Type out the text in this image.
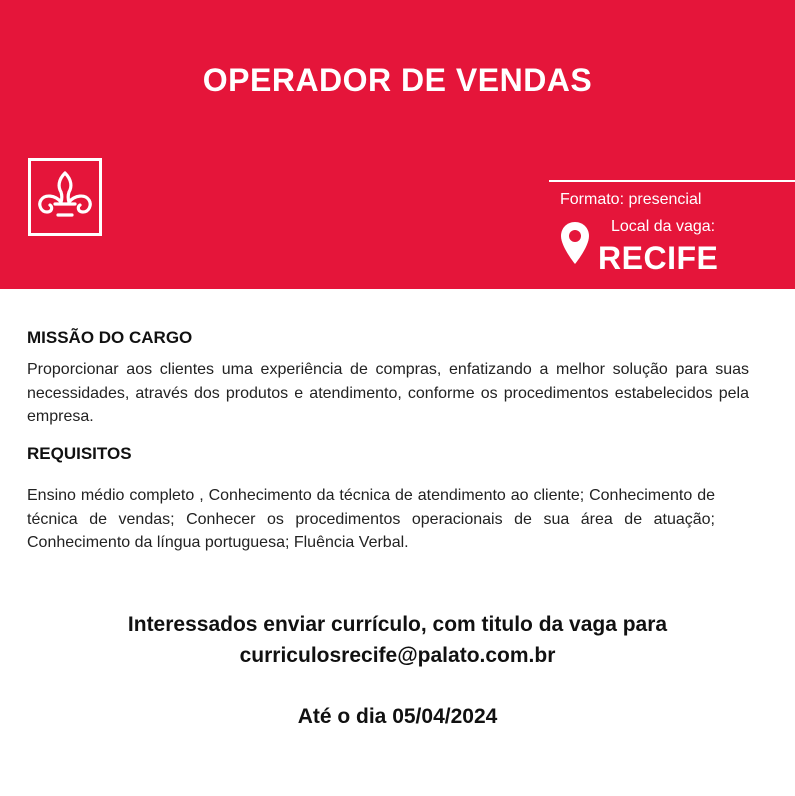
OPERADOR DE VENDAS
Formato: presencial
Local da vaga:
RECIFE
MISSÃO DO CARGO
Proporcionar aos clientes uma experiência de compras, enfatizando a melhor solução para suas necessidades, através dos produtos e atendimento, conforme os procedimentos estabelecidos pela empresa.
REQUISITOS
Ensino médio completo , Conhecimento da técnica de atendimento ao cliente; Conhecimento de técnica de vendas; Conhecer os procedimentos operacionais de sua área de atuação; Conhecimento da língua portuguesa; Fluência Verbal.
Interessados enviar currículo, com titulo da vaga para
curriculosrecife@palato.com.br
Até o dia 05/04/2024
